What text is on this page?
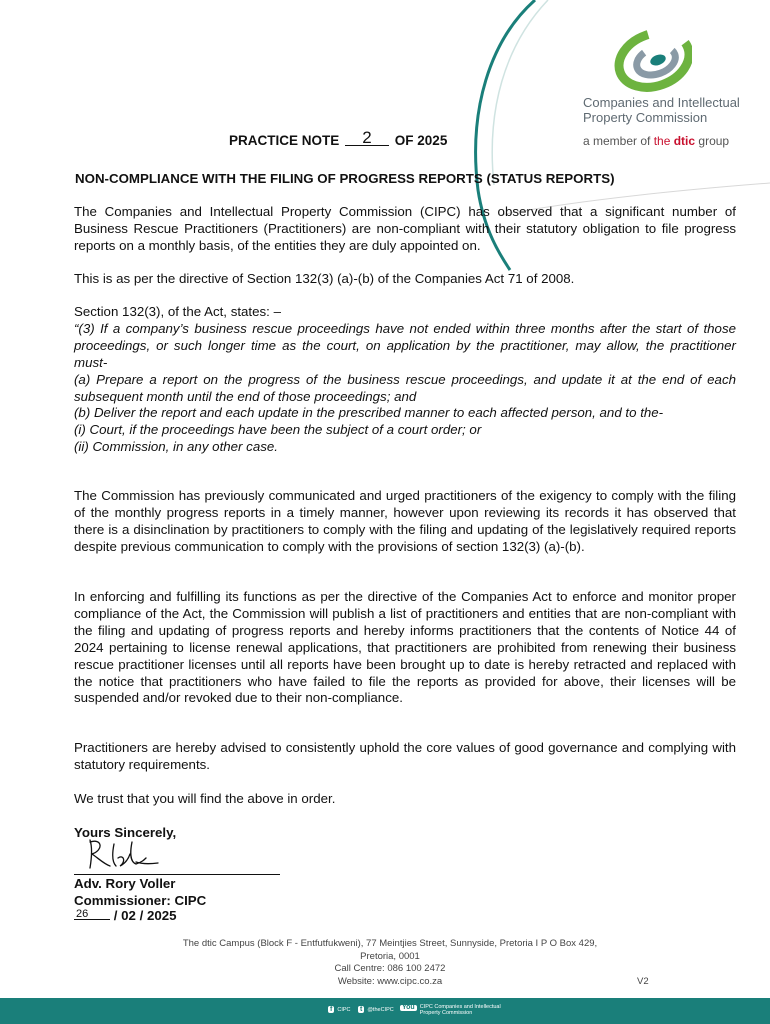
Companies and Intellectual Property Commission
a member of the dtic group
PRACTICE NOTE 2 OF 2025
NON-COMPLIANCE WITH THE FILING OF PROGRESS REPORTS (STATUS REPORTS)
The Companies and Intellectual Property Commission (CIPC) has observed that a significant number of Business Rescue Practitioners (Practitioners) are non-compliant with their statutory obligation to file progress reports on a monthly basis, of the entities they are duly appointed on.
This is as per the directive of Section 132(3) (a)-(b) of the Companies Act 71 of 2008.
Section 132(3), of the Act, states: –
“(3) If a company’s business rescue proceedings have not ended within three months after the start of those proceedings, or such longer time as the court, on application by the practitioner, may allow, the practitioner must-
(a) Prepare a report on the progress of the business rescue proceedings, and update it at the end of each subsequent month until the end of those proceedings; and
(b) Deliver the report and each update in the prescribed manner to each affected person, and to the-
(i) Court, if the proceedings have been the subject of a court order; or
(ii) Commission, in any other case.
The Commission has previously communicated and urged practitioners of the exigency to comply with the filing of the monthly progress reports in a timely manner, however upon reviewing its records it has observed that there is a disinclination by practitioners to comply with the filing and updating of the legislatively required reports despite previous communication to comply with the provisions of section 132(3) (a)-(b).
In enforcing and fulfilling its functions as per the directive of the Companies Act to enforce and monitor proper compliance of the Act, the Commission will publish a list of practitioners and entities that are non-compliant with the filing and updating of progress reports and hereby informs practitioners that the contents of Notice 44 of 2024 pertaining to license renewal applications, that practitioners are prohibited from renewing their business rescue practitioner licenses until all reports have been brought up to date is hereby retracted and replaced with the notice that practitioners who have failed to file the reports as provided for above, their licenses will be suspended and/or revoked due to their non-compliance.
Practitioners are hereby advised to consistently uphold the core values of good governance and complying with statutory requirements.
We trust that you will find the above in order.
Yours Sincerely,
Adv. Rory Voller
Commissioner: CIPC
26 / 02 / 2025
The dtic Campus (Block F - Entfutfukweni), 77 Meintjies Street, Sunnyside, Pretoria I P O Box 429,
Pretoria, 0001
Call Centre: 086 100 2472
Website: www.cipc.co.za	V2
f CIPC t @theCIPC You CIPC Companies and Intellectual
Property Commission
